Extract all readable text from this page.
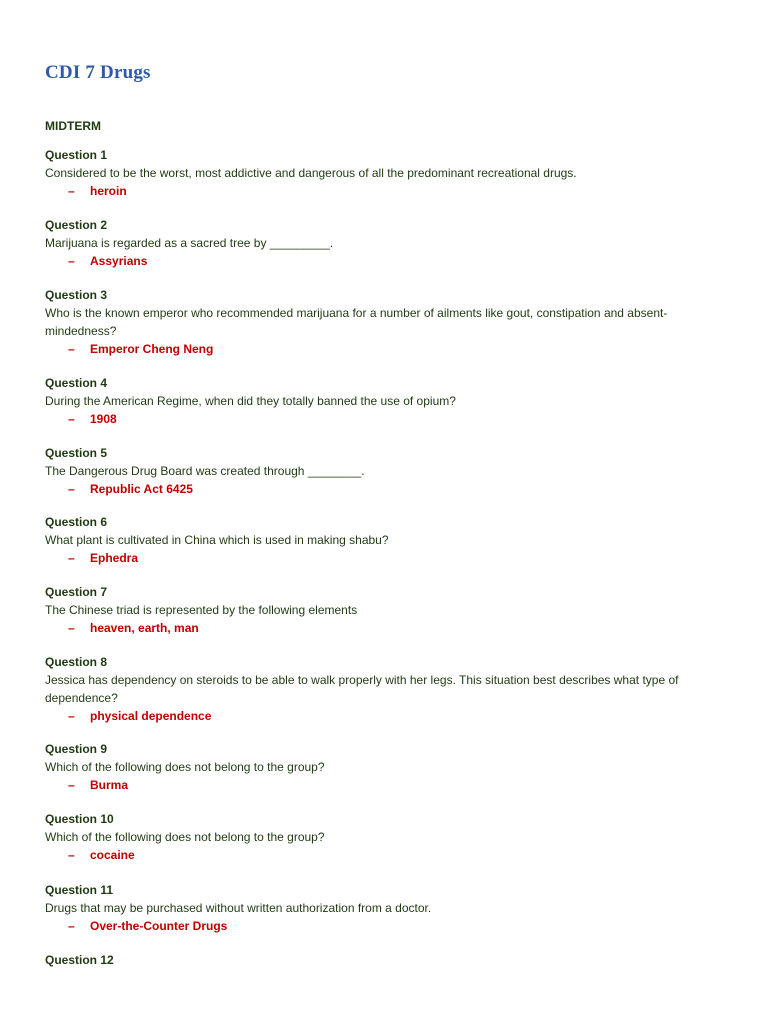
CDI 7 Drugs
MIDTERM
Question 1
Considered to be the worst, most addictive and dangerous of all the predominant recreational drugs.
– heroin
Question 2
Marijuana is regarded as a sacred tree by _________.
– Assyrians
Question 3
Who is the known emperor who recommended marijuana for a number of ailments like gout, constipation and absent-mindedness?
– Emperor Cheng Neng
Question 4
During the American Regime, when did they totally banned the use of opium?
– 1908
Question 5
The Dangerous Drug Board was created through ________.
– Republic Act 6425
Question 6
What plant is cultivated in China which is used in making shabu?
– Ephedra
Question 7
The Chinese triad is represented by the following elements
– heaven, earth, man
Question 8
Jessica has dependency on steroids to be able to walk properly with her legs. This situation best describes what type of dependence?
– physical dependence
Question 9
Which of the following does not belong to the group?
– Burma
Question 10
Which of the following does not belong to the group?
– cocaine
Question 11
Drugs that may be purchased without written authorization from a doctor.
– Over-the-Counter Drugs
Question 12
